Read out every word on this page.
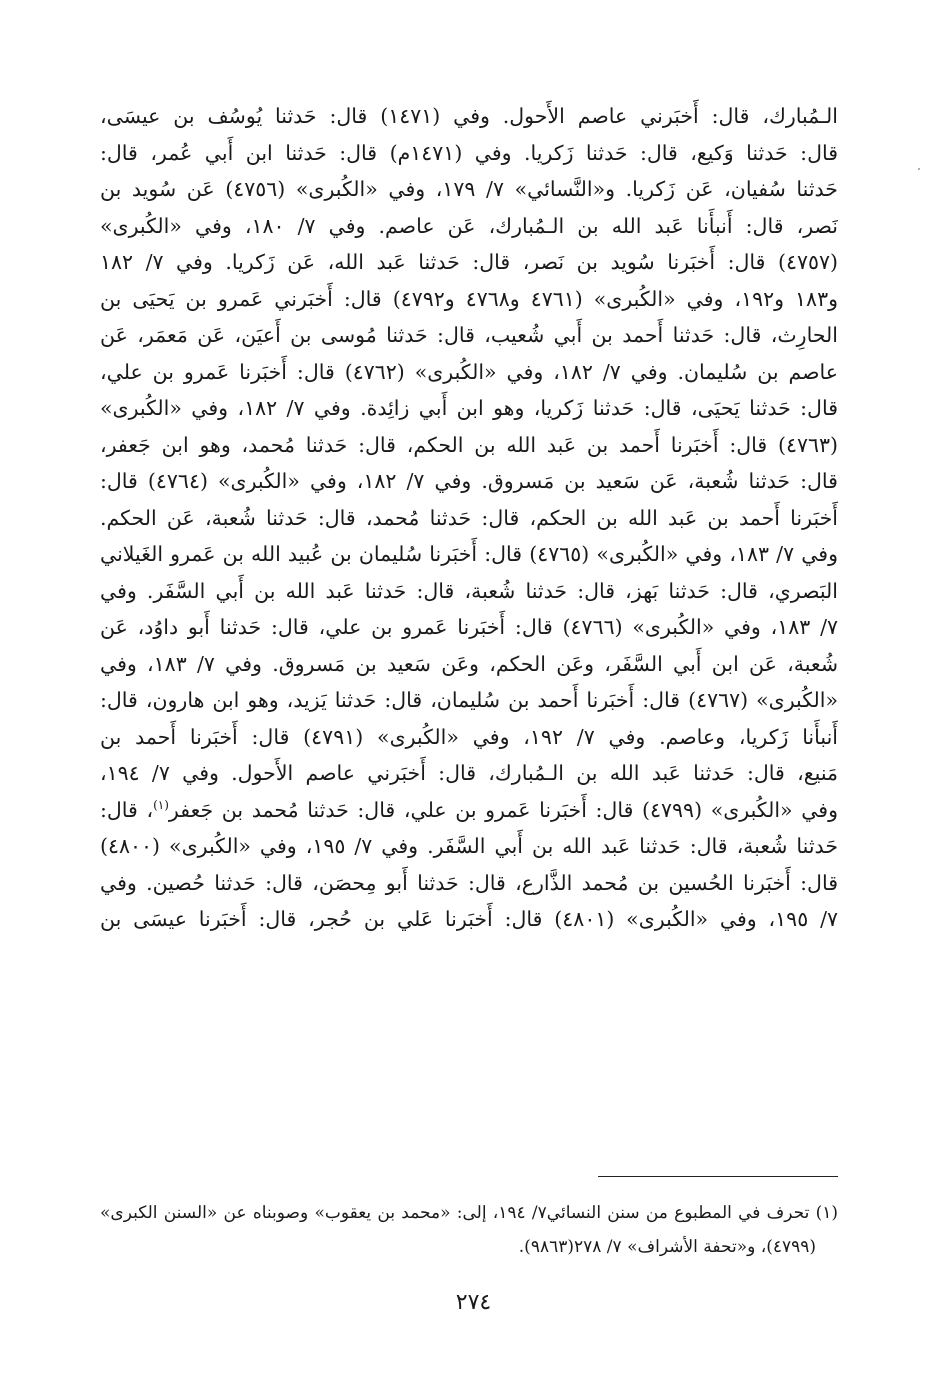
الـمُبارك، قال: أَخبَرني عاصم الأَحول. وفي (١٤٧١) قال: حَدثنا يُوسُف بن عيسَى،
قال: حَدثنا وَكيع، قال: حَدثنا زَكريا. وفي (١٤٧١م) قال: حَدثنا ابن أَبي عُمر، قال:
حَدثنا سُفيان، عَن زَكريا. و«النَّسائي» ٧/ ١٧٩، وفي «الكُبرى» (٤٧٥٦) عَن سُويد بن
نَصر، قال: أَنبأَنا عَبد الله بن الـمُبارك، عَن عاصم. وفي ٧/ ١٨٠، وفي «الكُبرى»
(٤٧٥٧) قال: أَخبَرنا سُويد بن نَصر، قال: حَدثنا عَبد الله، عَن زَكريا. وفي ٧/ ١٨٢
و١٨٣ و١٩٢، وفي «الكُبرى» (٤٧٦١ و٤٧٦٨ و٤٧٩٢) قال: أَخبَرني عَمرو بن يَحيَى بن
الحارِث، قال: حَدثنا أَحمد بن أَبي شُعيب، قال: حَدثنا مُوسى بن أَعيَن، عَن مَعمَر، عَن
عاصم بن سُليمان. وفي ٧/ ١٨٢، وفي «الكُبرى» (٤٧٦٢) قال: أَخبَرنا عَمرو بن علي،
قال: حَدثنا يَحيَى، قال: حَدثنا زَكريا، وهو ابن أَبي زائِدة. وفي ٧/ ١٨٢، وفي «الكُبرى»
(٤٧٦٣) قال: أَخبَرنا أَحمد بن عَبد الله بن الحكم، قال: حَدثنا مُحمد، وهو ابن جَعفر،
قال: حَدثنا شُعبة، عَن سَعيد بن مَسروق. وفي ٧/ ١٨٢، وفي «الكُبرى» (٤٧٦٤) قال:
أَخبَرنا أَحمد بن عَبد الله بن الحكم، قال: حَدثنا مُحمد، قال: حَدثنا شُعبة، عَن الحكم.
وفي ٧/ ١٨٣، وفي «الكُبرى» (٤٧٦٥) قال: أَخبَرنا سُليمان بن عُبيد الله بن عَمرو الغَيلاني
البَصري، قال: حَدثنا بَهز، قال: حَدثنا شُعبة، قال: حَدثنا عَبد الله بن أَبي السَّفَر. وفي
٧/ ١٨٣، وفي «الكُبرى» (٤٧٦٦) قال: أَخبَرنا عَمرو بن علي، قال: حَدثنا أَبو داوُد، عَن
شُعبة، عَن ابن أَبي السَّفَر، وعَن الحكم، وعَن سَعيد بن مَسروق. وفي ٧/ ١٨٣، وفي
«الكُبرى» (٤٧٦٧) قال: أَخبَرنا أَحمد بن سُليمان، قال: حَدثنا يَزيد، وهو ابن هارون، قال:
أَنبأَنا زَكريا، وعاصم. وفي ٧/ ١٩٢، وفي «الكُبرى» (٤٧٩١) قال: أَخبَرنا أَحمد بن
مَنيع، قال: حَدثنا عَبد الله بن الـمُبارك، قال: أَخبَرني عاصم الأَحول. وفي ٧/ ١٩٤،
وفي «الكُبرى» (٤٧٩٩) قال: أَخبَرنا عَمرو بن علي، قال: حَدثنا مُحمد بن جَعفر$^{(١)}$، قال:
حَدثنا شُعبة، قال: حَدثنا عَبد الله بن أَبي السَّفَر. وفي ٧/ ١٩٥، وفي «الكُبرى» (٤٨٠٠)
قال: أَخبَرنا الحُسين بن مُحمد الذَّارع، قال: حَدثنا أَبو مِحصَن، قال: حَدثنا حُصين. وفي
٧/ ١٩٥، وفي «الكُبرى» (٤٨٠١) قال: أَخبَرنا عَلي بن حُجر، قال: أَخبَرنا عيسَى بن
(١) تحرف في المطبوع من سنن النسائي٧/ ١٩٤، إلى: «محمد بن يعقوب» وصوبناه عن «السنن الكبرى»
(٤٧٩٩)، و«تحفة الأشراف» ٧/ ٢٧٨(٩٨٦٣).
٢٧٤
